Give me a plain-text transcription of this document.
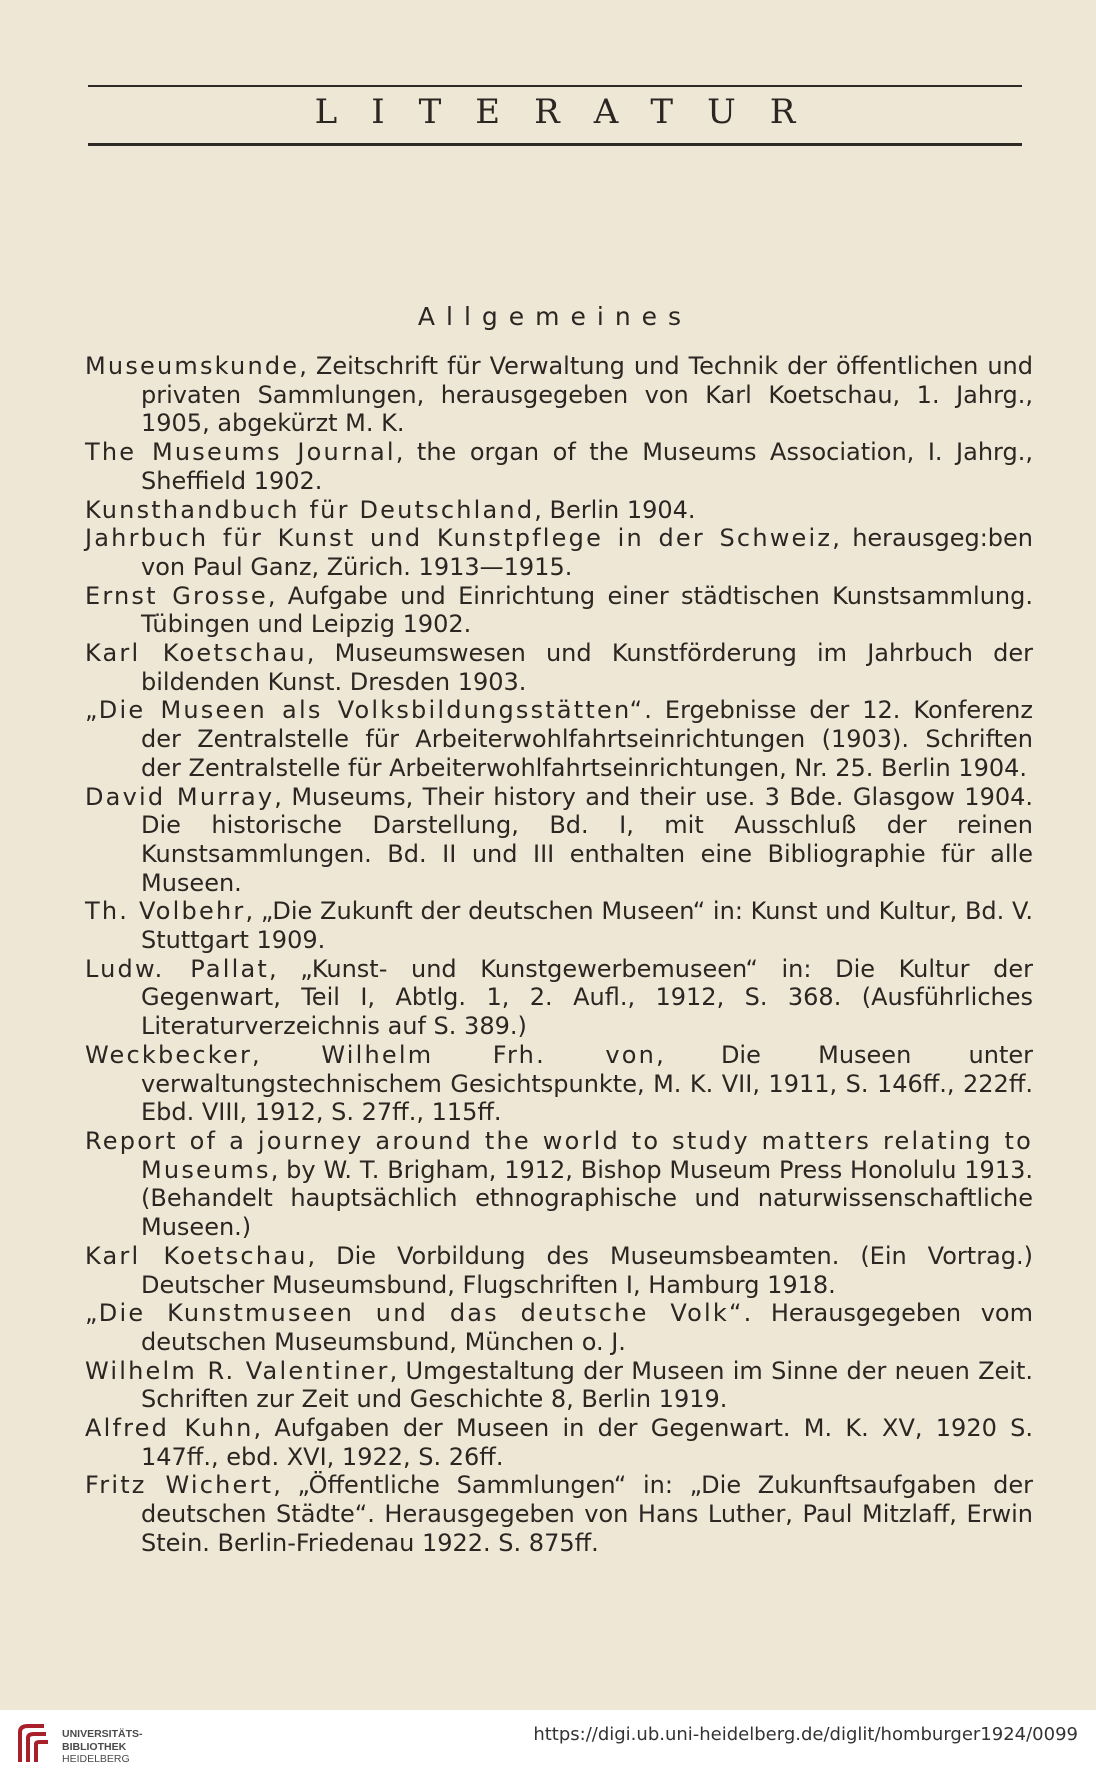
LITERATUR
Allgemeines
Museumskunde, Zeitschrift für Verwaltung und Technik der öffentlichen und privaten Sammlungen, herausgegeben von Karl Koetschau, 1. Jahrg., 1905, abgekürzt M. K.
The Museums Journal, the organ of the Museums Association, I. Jahrg., Sheffield 1902.
Kunsthandbuch für Deutschland, Berlin 1904.
Jahrbuch für Kunst und Kunstpflege in der Schweiz, herausgeg:ben von Paul Ganz, Zürich. 1913—1915.
Ernst Grosse, Aufgabe und Einrichtung einer städtischen Kunstsammlung. Tübingen und Leipzig 1902.
Karl Koetschau, Museumswesen und Kunstförderung im Jahrbuch der bildenden Kunst. Dresden 1903.
„Die Museen als Volksbildungsstätten“. Ergebnisse der 12. Konferenz der Zentralstelle für Arbeiterwohlfahrtseinrichtungen (1903). Schriften der Zentralstelle für Arbeiterwohlfahrtseinrichtungen, Nr. 25. Berlin 1904.
David Murray, Museums, Their history and their use. 3 Bde. Glasgow 1904. Die historische Darstellung, Bd. I, mit Ausschluß der reinen Kunstsammlungen. Bd. II und III enthalten eine Bibliographie für alle Museen.
Th. Volbehr, „Die Zukunft der deutschen Museen“ in: Kunst und Kultur, Bd. V. Stuttgart 1909.
Ludw. Pallat, „Kunst- und Kunstgewerbemuseen“ in: Die Kultur der Gegenwart, Teil I, Abtlg. 1, 2. Aufl., 1912, S. 368. (Ausführliches Literaturverzeichnis auf S. 389.)
Weckbecker, Wilhelm Frh. von, Die Museen unter verwaltungstechnischem Gesichtspunkte, M. K. VII, 1911, S. 146ff., 222ff. Ebd. VIII, 1912, S. 27ff., 115ff.
Report of a journey around the world to study matters relating to Museums, by W. T. Brigham, 1912, Bishop Museum Press Honolulu 1913. (Behandelt hauptsächlich ethnographische und naturwissenschaftliche Museen.)
Karl Koetschau, Die Vorbildung des Museumsbeamten. (Ein Vortrag.) Deutscher Museumsbund, Flugschriften I, Hamburg 1918.
„Die Kunstmuseen und das deutsche Volk“. Herausgegeben vom deutschen Museumsbund, München o. J.
Wilhelm R. Valentiner, Umgestaltung der Museen im Sinne der neuen Zeit. Schriften zur Zeit und Geschichte 8, Berlin 1919.
Alfred Kuhn, Aufgaben der Museen in der Gegenwart. M. K. XV, 1920 S. 147ff., ebd. XVI, 1922, S. 26ff.
Fritz Wichert, „Öffentliche Sammlungen“ in: „Die Zukunftsaufgaben der deutschen Städte“. Herausgegeben von Hans Luther, Paul Mitzlaff, Erwin Stein. Berlin-Friedenau 1922. S. 875ff.
UNIVERSITÄTS-
BIBLIOTHEK
HEIDELBERG
https://digi.ub.uni-heidelberg.de/diglit/homburger1924/0099
